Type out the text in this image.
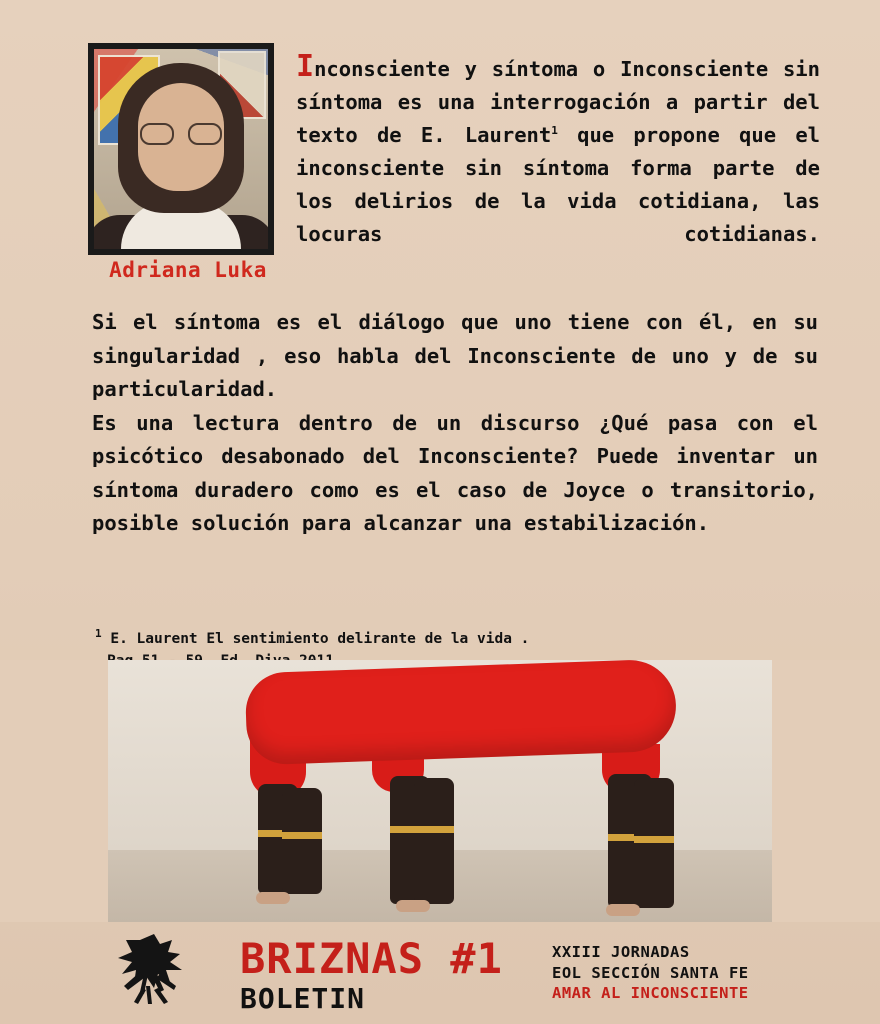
Adriana Luka
Inconsciente y síntoma o Inconsciente sin síntoma es una interrogación a partir del texto de E. Laurent$^1$ que propone que el inconsciente sin síntoma forma parte de los delirios de la vida cotidiana, las locuras cotidianas.

Si el síntoma es el diálogo que uno tiene con él, en su singularidad , eso habla del Inconsciente de uno y de su particularidad.

Es una lectura dentro de un discurso ¿Qué pasa con el psicótico desabonado del Inconsciente? Puede inventar un síntoma duradero como es el caso de Joyce o transitorio, posible solución para alcanzar una estabilización.

$^1$ E. Laurent El sentimiento delirante de la vida .
BRIZNAS #1
BOLETIN
XXIII JORNADAS
EOL SECCIÓN SANTA FE
AMAR AL INCONSCIENTE
